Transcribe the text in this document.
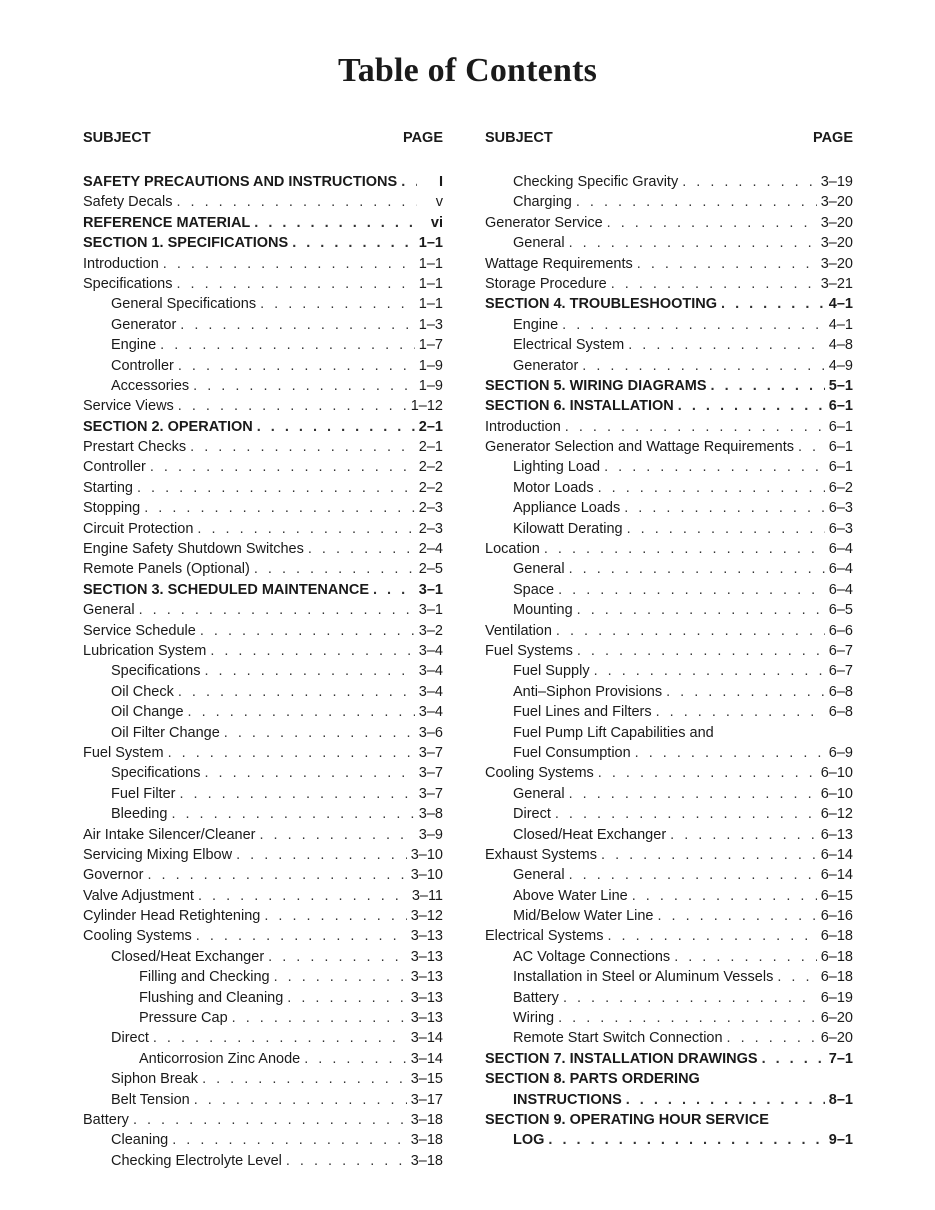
Table of Contents
SUBJECT	PAGE
SAFETY PRECAUTIONS AND INSTRUCTIONS . . .	I
Safety Decals . . .	v
REFERENCE MATERIAL . . .	vi
SECTION 1. SPECIFICATIONS . . .	1–1
Introduction . . .	1–1
Specifications . . .	1–1
General Specifications . . .	1–1
Generator . . .	1–3
Engine . . .	1–7
Controller . . .	1–9
Accessories . . .	1–9
Service Views . . .	1–12
SECTION 2. OPERATION . . .	2–1
Prestart Checks . . .	2–1
Controller . . .	2–2
Starting . . .	2–2
Stopping . . .	2–3
Circuit Protection . . .	2–3
Engine Safety Shutdown Switches . . .	2–4
Remote Panels (Optional) . . .	2–5
SECTION 3. SCHEDULED MAINTENANCE . . .	3–1
General . . .	3–1
Service Schedule . . .	3–2
Lubrication System . . .	3–4
Specifications . . .	3–4
Oil Check . . .	3–4
Oil Change . . .	3–4
Oil Filter Change . . .	3–6
Fuel System . . .	3–7
Specifications . . .	3–7
Fuel Filter . . .	3–7
Bleeding . . .	3–8
Air Intake Silencer/Cleaner . . .	3–9
Servicing Mixing Elbow . . .	3–10
Governor . . .	3–10
Valve Adjustment . . .	3–11
Cylinder Head Retightening . . .	3–12
Cooling Systems . . .	3–13
Closed/Heat Exchanger . . .	3–13
Filling and Checking . . .	3–13
Flushing and Cleaning . . .	3–13
Pressure Cap . . .	3–13
Direct . . .	3–14
Anticorrosion Zinc Anode . . .	3–14
Siphon Break . . .	3–15
Belt Tension . . .	3–17
Battery . . .	3–18
Cleaning . . .	3–18
Checking Electrolyte Level . . .	3–18
SUBJECT	PAGE
Checking Specific Gravity . . .	3–19
Charging . . .	3–20
Generator Service . . .	3–20
General . . .	3–20
Wattage Requirements . . .	3–20
Storage Procedure . . .	3–21
SECTION 4. TROUBLESHOOTING . . .	4–1
Engine . . .	4–1
Electrical System . . .	4–8
Generator . . .	4–9
SECTION 5. WIRING DIAGRAMS . . .	5–1
SECTION 6. INSTALLATION . . .	6–1
Introduction . . .	6–1
Generator Selection and Wattage Requirements . . . 6–1
Lighting Load . . .	6–1
Motor Loads . . .	6–2
Appliance Loads . . .	6–3
Kilowatt Derating . . .	6–3
Location . . .	6–4
General . . .	6–4
Space . . .	6–4
Mounting . . .	6–5
Ventilation . . .	6–6
Fuel Systems . . .	6–7
Fuel Supply . . .	6–7
Anti–Siphon Provisions . . .	6–8
Fuel Lines and Filters . . .	6–8
Fuel Pump Lift Capabilities and
Fuel Consumption . . .	6–9
Cooling Systems . . .	6–10
General . . .	6–10
Direct . . .	6–12
Closed/Heat Exchanger . . .	6–13
Exhaust Systems . . .	6–14
General . . .	6–14
Above Water Line . . .	6–15
Mid/Below Water Line . . .	6–16
Electrical Systems . . .	6–18
AC Voltage Connections . . .	6–18
Installation in Steel or Aluminum Vessels . . .	6–18
Battery . . .	6–19
Wiring . . .	6–20
Remote Start Switch Connection . . .	6–20
SECTION 7. INSTALLATION DRAWINGS . . .	7–1
SECTION 8. PARTS ORDERING
INSTRUCTIONS . . .	8–1
SECTION 9. OPERATING HOUR SERVICE
LOG . . .	9–1
